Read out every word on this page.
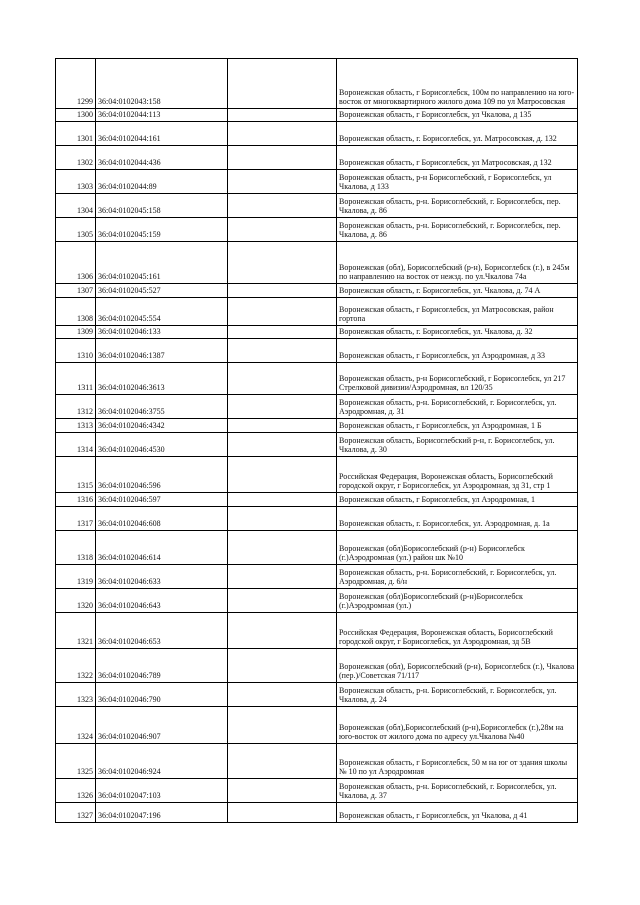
1299	36:04:0102043:158		Воронежская область, г Борисоглебск, 100м по направлению на юго-восток от многоквартирного жилого дома 109 по ул Матросовская
1300	36:04:0102044:113		Воронежская область, г Борисоглебск, ул Чкалова, д 135
1301	36:04:0102044:161		Воронежская область, г. Борисоглебск, ул. Матросовская, д. 132
1302	36:04:0102044:436		Воронежская область, г Борисоглебск, ул Матросовская, д 132
1303	36:04:0102044:89		Воронежская область, р-н Борисоглебский, г Борисоглебск, ул Чкалова, д 133
1304	36:04:0102045:158		Воронежская область, р-н. Борисоглебский, г. Борисоглебск, пер. Чкалова, д. 86
1305	36:04:0102045:159		Воронежская область, р-н. Борисоглебский, г. Борисоглебск, пер. Чкалова, д. 86
1306	36:04:0102045:161		Воронежская (обл), Борисоглебский (р-н), Борисоглебск (г.), в 245м по направлению на восток от нежзд. по ул.Чкалова 74а
1307	36:04:0102045:527		Воронежская область, г. Борисоглебск, ул. Чкалова, д. 74 А
1308	36:04:0102045:554		Воронежская область, г Борисоглебск, ул Матросовская, район гортопа
1309	36:04:0102046:133		Воронежская область, г. Борисоглебск, ул. Чкалова, д. 32
1310	36:04:0102046:1387		Воронежская область, г Борисоглебск, ул Аэродромная, д 33
1311	36:04:0102046:3613		Воронежская область, р-н Борисоглебский, г Борисоглебск, ул 217 Стрелковой дивизии/Аэродромная, вл 120/35
1312	36:04:0102046:3755		Воронежская область, р-н. Борисоглебский, г. Борисоглебск, ул. Аэродромная, д. 31
1313	36:04:0102046:4342		Воронежская область, г Борисоглебск, ул Аэродромная, 1 Б
1314	36:04:0102046:4530		Воронежская область, Борисоглебский р-н, г. Борисоглебск, ул. Чкалова, д. 30
1315	36:04:0102046:596		Российская Федерация, Воронежская область, Борисоглебский городской округ, г Борисоглебск, ул Аэродромная, зд 31, стр 1
1316	36:04:0102046:597		Воронежская область, г Борисоглебск, ул Аэродромная, 1
1317	36:04:0102046:608		Воронежская область, г. Борисоглебск, ул. Аэродромная, д. 1а
1318	36:04:0102046:614		Воронежская (обл)Борисоглебский (р-н) Борисоглебск (г.)Аэродромная (ул.) район шк №10
1319	36:04:0102046:633		Воронежская область, р-н. Борисоглебский, г. Борисоглебск, ул. Аэродромная, д. 6/н
1320	36:04:0102046:643		Воронежская (обл)Борисоглебский (р-н)Борисоглебск (г.)Аэродромная (ул.)
1321	36:04:0102046:653		Российская Федерация, Воронежская область, Борисоглебский городской округ, г Борисоглебск, ул Аэродромная, зд 5В
1322	36:04:0102046:789		Воронежская (обл), Борисоглебский (р-н), Борисоглебск (г.), Чкалова (пер.)/Советская 71/117
1323	36:04:0102046:790		Воронежская область, р-н. Борисоглебский, г. Борисоглебск, ул. Чкалова, д. 24
1324	36:04:0102046:907		Воронежская (обл),Борисоглебский (р-н),Борисоглебск (г.),28м на юго-восток от жилого дома по адресу ул.Чкалова №40
1325	36:04:0102046:924		Воронежская область, г Борисоглебск, 50 м на юг от здания школы № 10 по ул Аэродромная
1326	36:04:0102047:103		Воронежская область, р-н. Борисоглебский, г. Борисоглебск, ул. Чкалова, д. 37
1327	36:04:0102047:196		Воронежская область, г Борисоглебск, ул Чкалова, д 41
